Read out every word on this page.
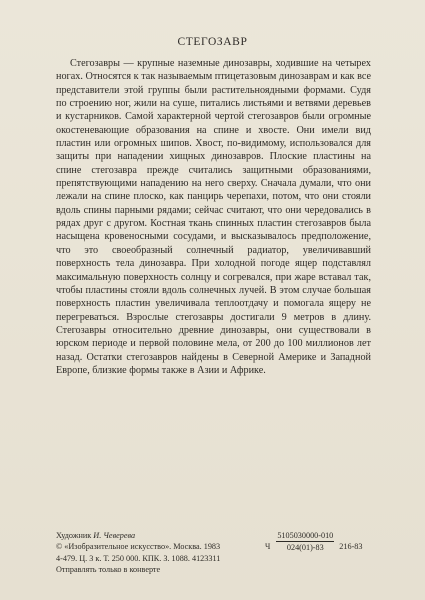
СТЕГОЗАВР

Стегозавры — крупные наземные динозавры, ходившие на четырех ногах. Относятся к так называемым птицетазовым динозаврам и как все представители этой группы были растительноядными формами. Судя по строению ног, жили на суше, питались листьями и ветвями деревьев и кустарников. Самой характерной чертой стегозавров были огромные окостеневающие образования на спине и хвосте. Они имели вид пластин или огромных шипов. Хвост, по-видимому, использовался для защиты при нападении хищных динозавров. Плоские пластины на спине стегозавра прежде считались защитными образованиями, препятствующими нападению на него сверху. Сначала думали, что они лежали на спине плоско, как панцирь черепахи, потом, что они стояли вдоль спины парными рядами; сейчас считают, что они чередовались в рядах друг с другом. Костная ткань спинных пластин стегозавров была насыщена кровеносными сосудами, и высказывалось предположение, что это своеобразный солнечный радиатор, увеличивавший поверхность тела динозавра. При холодной погоде ящер подставлял максимальную поверхность солнцу и согревался, при жаре вставал так, чтобы пластины стояли вдоль солнечных лучей. В этом случае большая поверхность пластин увеличивала теплоотдачу и помогала ящеру не перегреваться. Взрослые стегозавры достигали 9 метров в длину. Стегозавры относительно древние динозавры, они существовали в юрском периоде и первой половине мела, от 200 до 100 миллионов лет назад. Остатки стегозавров найдены в Северной Америке и Западной Европе, близкие формы также в Азии и Африке.

Художник И. Чеверева
© «Изобразительное искусство». Москва. 1983
4-479. Ц. 3 к. Т. 250 000. КПК. З. 1088. 4123311
Отправлять только в конверте
Ч $\frac{5105030000-010}{024(01)-83} 216-83$
